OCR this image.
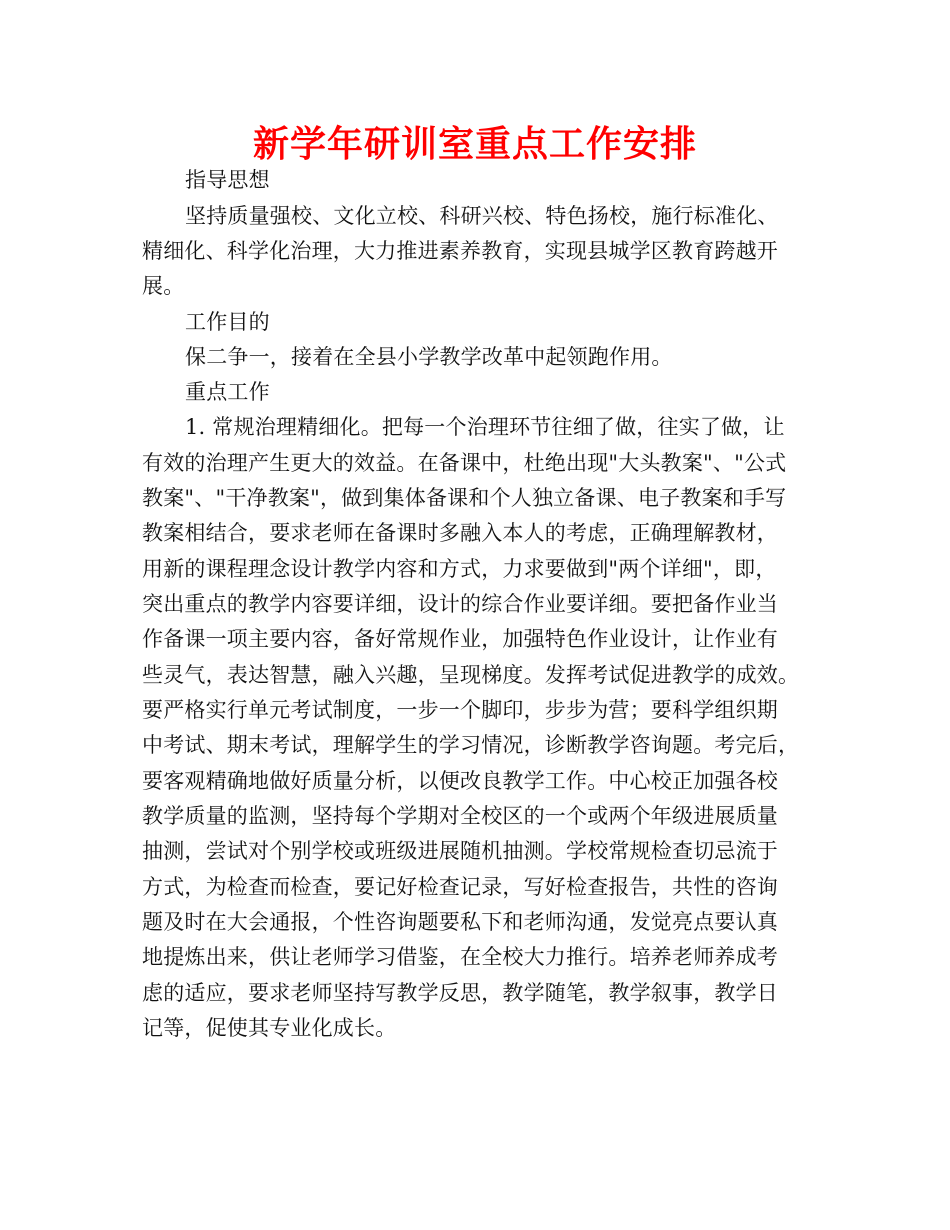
新学年研训室重点工作安排
指导思想
坚持质量强校、文化立校、科研兴校、特色扬校，施行标准化、
精细化、科学化治理，大力推进素养教育，实现县城学区教育跨越开
展。
工作目的
保二争一，接着在全县小学教学改革中起领跑作用。
重点工作
1. 常规治理精细化。把每一个治理环节往细了做，往实了做，让
有效的治理产生更大的效益。在备课中，杜绝出现"大头教案"、"公式
教案"、"干净教案"，做到集体备课和个人独立备课、电子教案和手写
教案相结合，要求老师在备课时多融入本人的考虑，正确理解教材，
用新的课程理念设计教学内容和方式，力求要做到"两个详细"，即，
突出重点的教学内容要详细，设计的综合作业要详细。要把备作业当
作备课一项主要内容，备好常规作业，加强特色作业设计，让作业有
些灵气，表达智慧，融入兴趣，呈现梯度。发挥考试促进教学的成效。
要严格实行单元考试制度，一步一个脚印，步步为营；要科学组织期
中考试、期末考试，理解学生的学习情况，诊断教学咨询题。考完后，
要客观精确地做好质量分析，以便改良教学工作。中心校正加强各校
教学质量的监测，坚持每个学期对全校区的一个或两个年级进展质量
抽测，尝试对个别学校或班级进展随机抽测。学校常规检查切忌流于
方式，为检查而检查，要记好检查记录，写好检查报告，共性的咨询
题及时在大会通报，个性咨询题要私下和老师沟通，发觉亮点要认真
地提炼出来，供让老师学习借鉴，在全校大力推行。培养老师养成考
虑的适应，要求老师坚持写教学反思，教学随笔，教学叙事，教学日
记等，促使其专业化成长。
